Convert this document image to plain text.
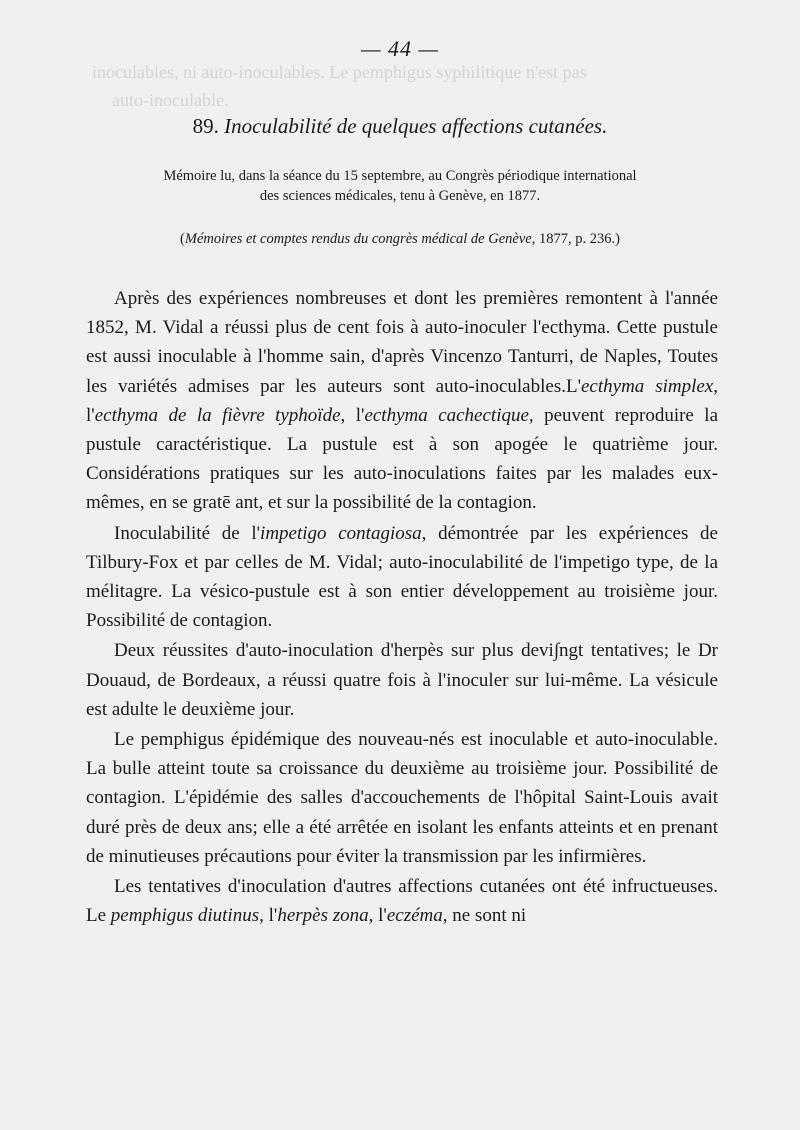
inoculables, ni auto-inoculables. Le pemphigus syphilitique n'est pas
auto-inoculable.
— 44 —
89. Inoculabilité de quelques affections cutanées.
Mémoire lu, dans la séance du 15 septembre, au Congrès périodique international
des sciences médicales, tenu à Genève, en 1877.
(Mémoires et comptes rendus du congrès médical de Genève, 1877, p. 236.)

Après des expériences nombreuses et dont les premières remontent à l'année 1852, M. Vidal a réussi plus de cent fois à auto-inoculer l'ecthyma. Cette pustule est aussi inoculable à l'homme sain, d'après Vincenzo Tanturri, de Naples, Toutes les variétés admises par les auteurs sont auto-inoculables.L'ecthyma simplex, l'ecthyma de la fièvre typhoïde, l'ecthyma cachectique, peuvent reproduire la pustule caractéristique. La pustule est à son apogée le quatrième jour. Considérations pratiques sur les auto-inoculations faites par les malades eux-mêmes, en se gratē ant, et sur la possibilité de la contagion.

Inoculabilité de l'impetigo contagiosa, démontrée par les expériences de Tilbury-Fox et par celles de M. Vidal; auto-inoculabilité de l'impetigo type, de la mélitagre. La vésico-pustule est à son entier développement au troisième jour. Possibilité de contagion.

Deux réussites d'auto-inoculation d'herpès sur plus devi∫ngt tentatives; le Dr Douaud, de Bordeaux, a réussi quatre fois à l'inoculer sur lui-même. La vésicule est adulte le deuxième jour.

Le pemphigus épidémique des nouveau-nés est inoculable et auto-inoculable. La bulle atteint toute sa croissance du deuxième au troisième jour. Possibilité de contagion. L'épidémie des salles d'accouchements de l'hôpital Saint-Louis avait duré près de deux ans; elle a été arrêtée en isolant les enfants atteints et en prenant de minutieuses précautions pour éviter la transmission par les infirmières.

Les tentatives d'inoculation d'autres affections cutanées ont été infructueuses. Le pemphigus diutinus, l'herpès zona, l'eczéma, ne sont ni
